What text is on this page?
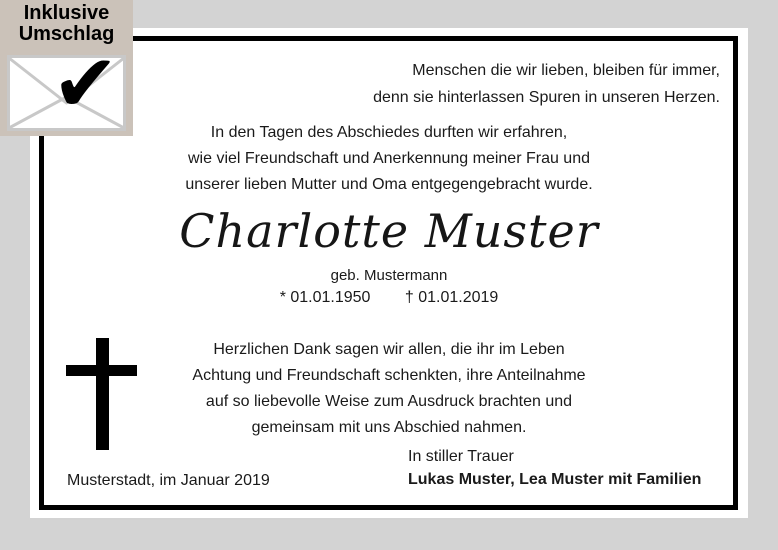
Menschen die wir lieben, bleiben für immer,
denn sie hinterlassen Spuren in unseren Herzen.
In den Tagen des Abschiedes durften wir erfahren,
wie viel Freundschaft und Anerkennung meiner Frau und
unserer lieben Mutter und Oma entgegengebracht wurde.
Charlotte Muster
geb. Mustermann
* 01.01.1950 † 01.01.2019
Herzlichen Dank sagen wir allen, die ihr im Leben
Achtung und Freundschaft schenkten, ihre Anteilnahme
auf so liebevolle Weise zum Ausdruck brachten und
gemeinsam mit uns Abschied nahmen.
In stiller Trauer
Lukas Muster, Lea Muster mit Familien
Musterstadt, im Januar 2019
Inklusive
Umschlag
✔
